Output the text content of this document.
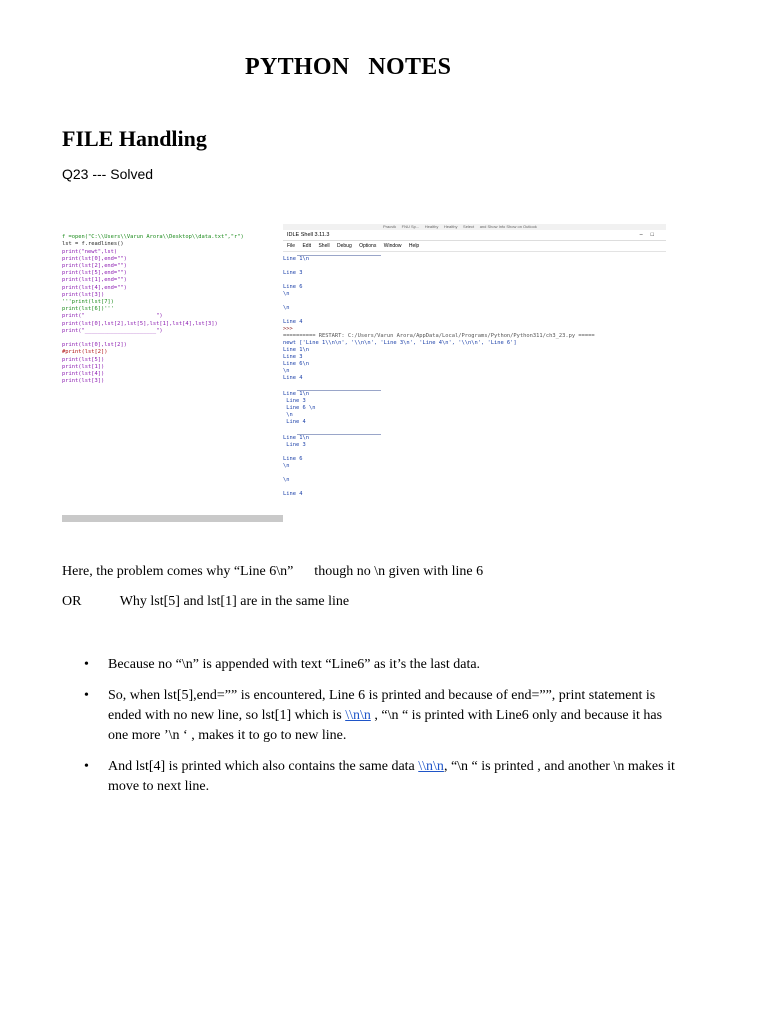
PYTHON   NOTES
FILE Handling
Q23 --- Solved

f =open("C:\\Users\\Varun Arora\\Desktop\\data.txt","r")
lst = f.readlines()
print("newt",lst)
print(lst[0],end="")
print(lst[2],end="")
print(lst[5],end="")
print(lst[1],end="")
print(lst[4],end="")
print(lst[3])
'''print(lst[7])
print(lst[6])'''
print("                      ")
print(lst[0],lst[2],lst[5],lst[1],lst[4],lst[3])
print("______________________")

print(lst[0],lst[2])
#print(lst[2])
print(lst[5])
print(lst[1])
print(lst[4])
print(lst[3])

Pracvik     FNU Sp...     Healthy     Healthy     Select     and Show Info Show on Outlook
IDLE Shell 3.11.3	–□
File Edit Shell Debug Options Window Help
Line 1\n

Line 3

Line 6
\n

\n

Line 4
>>>
========== RESTART: C:/Users/Varun Arora/AppData/Local/Programs/Python/Python311/ch3_23.py =====
newt ['Line 1\\n\n', '\\n\n', 'Line 3\n', 'Line 4\n', '\\n\n', 'Line 6']
Line 1\n
Line 3
Line 6\n
\n
Line 4

Line 1\n
Line 3
Line 6 \n
\n
Line 4

Line 1\n
Line 3

Line 6
\n

\n

Line 4
Here, the problem comes why “Line 6\n”      though no \n given with line 6
OR           Why lst[5] and lst[1] are in the same line
• Because no “\n” is appended with text “Line6” as it’s the last data.
• So, when lst[5],end=”” is encountered, Line 6 is printed and because of end=””, print statement is ended with no new line, so lst[1] which is \\n\n , “\n “ is printed with Line6 only and because it has one more ’\n ‘ , makes it to go to new line.
• And lst[4] is printed which also contains the same data \\n\n, “\n “ is printed , and another \n makes it move to next line.
